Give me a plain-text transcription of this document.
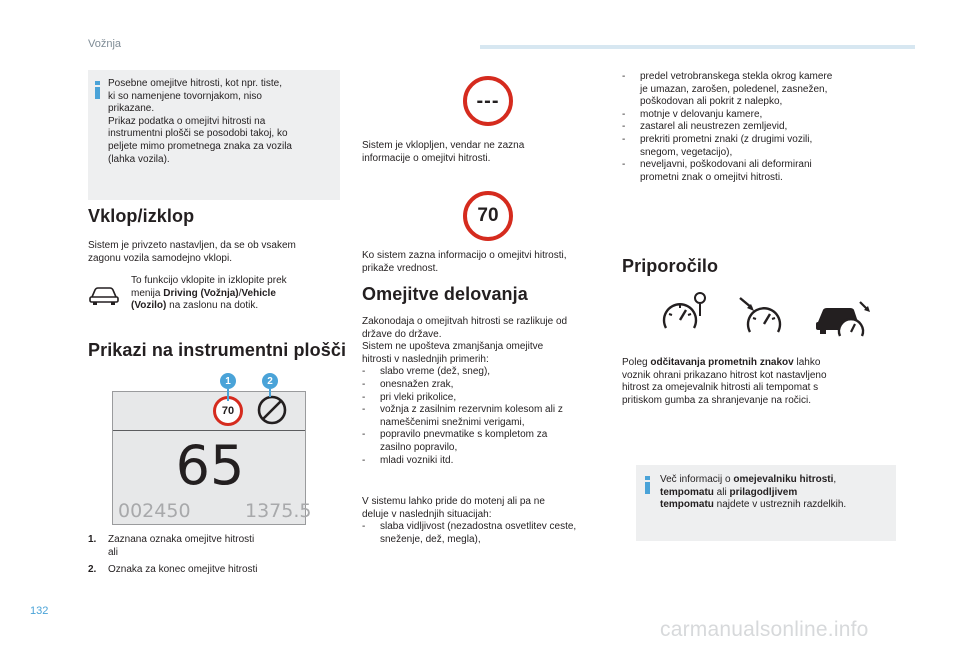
Vožnja
Posebne omejitve hitrosti, kot npr. tiste,
ki so namenjene tovornjakom, niso
prikazane.
Prikaz podatka o omejitvi hitrosti na
instrumentni plošči se posodobi takoj, ko
peljete mimo prometnega znaka za vozila
(lahka vozila).
Vklop/izklop
Sistem je privzeto nastavljen, da se ob vsakem
zagonu vozila samodejno vklopi.
To funkcijo vklopite in izklopite prek
menija Driving (Vožnja)/Vehicle
(Vozilo) na zaslonu na dotik.
Prikazi na instrumentni plošči
70
65
002450	1375.5
1	2
1. Zaznana oznaka omejitve hitrosti
ali
2. Oznaka za konec omejitve hitrosti
---
Sistem je vklopljen, vendar ne zazna
informacije o omejitvi hitrosti.
70
Ko sistem zazna informacijo o omejitvi hitrosti,
prikaže vrednost.
Omejitve delovanja
Zakonodaja o omejitvah hitrosti se razlikuje od
države do države.
Sistem ne upošteva zmanjšanja omejitve
hitrosti v naslednjih primerih:
- slabo vreme (dež, sneg),
- onesnažen zrak,
- pri vleki prikolice,
- vožnja z zasilnim rezervnim kolesom ali z
nameščenimi snežnimi verigami,
- popravilo pnevmatike s kompletom za
zasilno popravilo,
- mladi vozniki itd.
V sistemu lahko pride do motenj ali pa ne
deluje v naslednjih situacijah:
- slaba vidljivost (nezadostna osvetlitev ceste,
sneženje, dež, megla),
- predel vetrobranskega stekla okrog kamere
je umazan, zarošen, poledenel, zasnežen,
poškodovan ali pokrit z nalepko,
- motnje v delovanju kamere,
- zastarel ali neustrezen zemljevid,
- prekriti prometni znaki (z drugimi vozili,
snegom, vegetacijo),
- neveljavni, poškodovani ali deformirani
prometni znak o omejitvi hitrosti.
Priporočilo
Poleg odčitavanja prometnih znakov lahko
voznik ohrani prikazano hitrost kot nastavljeno
hitrost za omejevalnik hitrosti ali tempomat s
pritiskom gumba za shranjevanje na ročici.
Več informacij o omejevalniku hitrosti,
tempomatu ali prilagodljivem
tempomatu najdete v ustreznih razdelkih.
132
carmanualsonline.info
